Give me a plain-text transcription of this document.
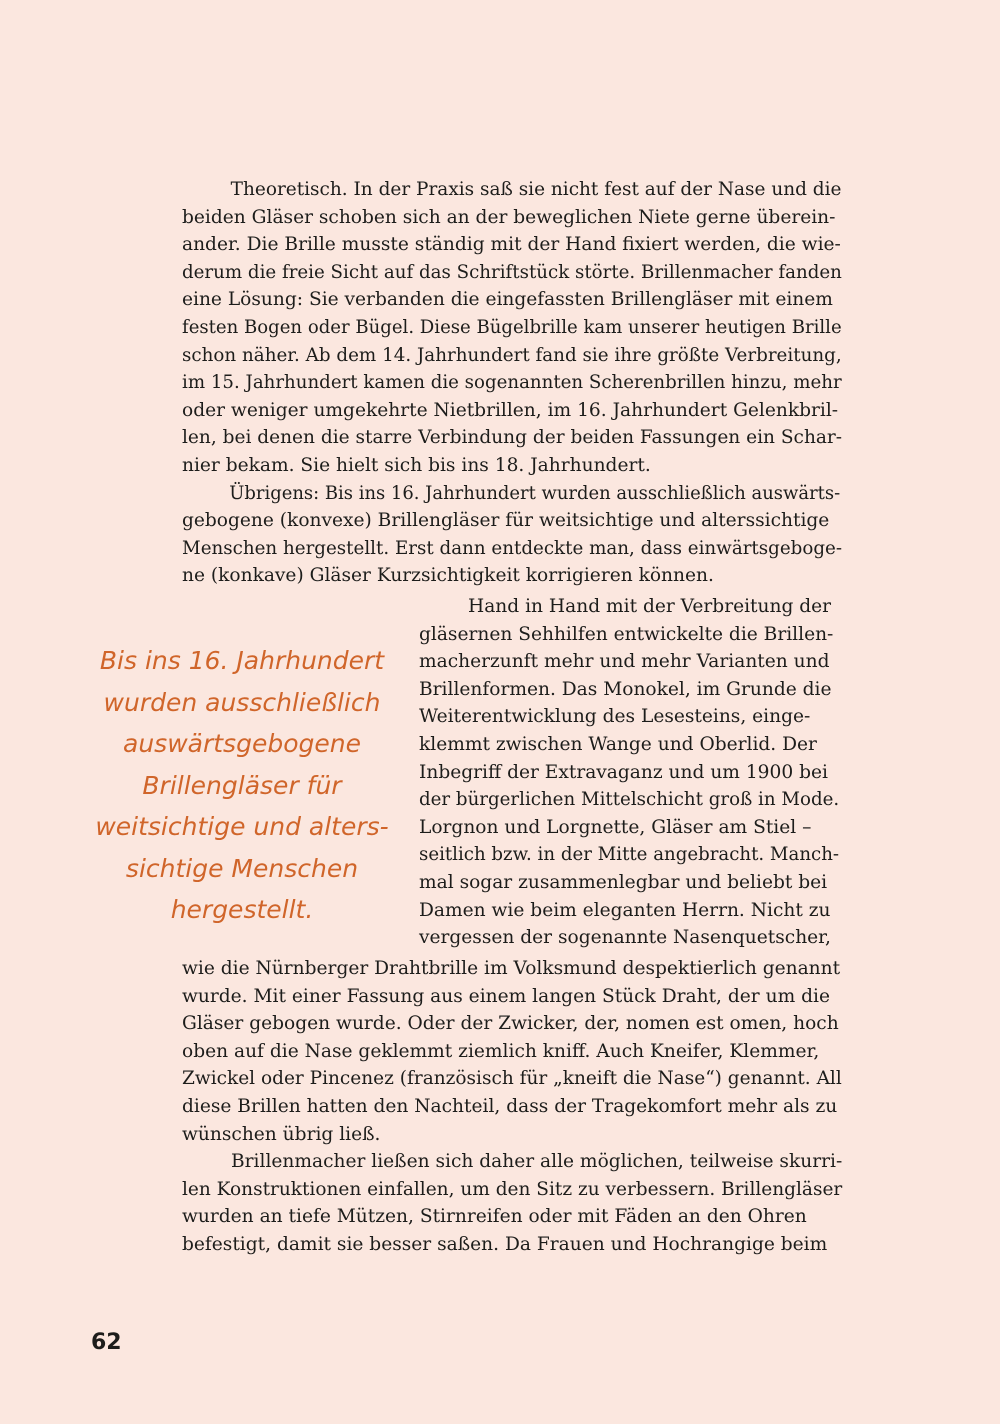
Theoretisch. In der Praxis saß sie nicht fest auf der Nase und die
beiden Gläser schoben sich an der beweglichen Niete gerne überein-
ander. Die Brille musste ständig mit der Hand fixiert werden, die wie-
derum die freie Sicht auf das Schriftstück störte. Brillenmacher fanden
eine Lösung: Sie verbanden die eingefassten Brillengläser mit einem
festen Bogen oder Bügel. Diese Bügelbrille kam unserer heutigen Brille
schon näher. Ab dem 14. Jahrhundert fand sie ihre größte Verbreitung,
im 15. Jahrhundert kamen die sogenannten Scherenbrillen hinzu, mehr
oder weniger umgekehrte Nietbrillen, im 16. Jahrhundert Gelenkbril-
len, bei denen die starre Verbindung der beiden Fassungen ein Schar-
nier bekam. Sie hielt sich bis ins 18. Jahrhundert.
Übrigens: Bis ins 16. Jahrhundert wurden ausschließlich auswärts-
gebogene (konvexe) Brillengläser für weitsichtige und alterssichtige
Menschen hergestellt. Erst dann entdeckte man, dass einwärtsgeboge-
ne (konkave) Gläser Kurzsichtigkeit korrigieren können.
Bis ins 16. Jahrhundert
wurden ausschließlich
auswärtsgebogene
Brillengläser für
weitsichtige und alters-
sichtige Menschen
hergestellt.
Hand in Hand mit der Verbreitung der
gläsernen Sehhilfen entwickelte die Brillen-
macherzunft mehr und mehr Varianten und
Brillenformen. Das Monokel, im Grunde die
Weiterentwicklung des Lesesteins, einge-
klemmt zwischen Wange und Oberlid. Der
Inbegriff der Extravaganz und um 1900 bei
der bürgerlichen Mittelschicht groß in Mode.
Lorgnon und Lorgnette, Gläser am Stiel –
seitlich bzw. in der Mitte angebracht. Manch-
mal sogar zusammenlegbar und beliebt bei
Damen wie beim eleganten Herrn. Nicht zu
vergessen der sogenannte Nasenquetscher,
wie die Nürnberger Drahtbrille im Volksmund despektierlich genannt
wurde. Mit einer Fassung aus einem langen Stück Draht, der um die
Gläser gebogen wurde. Oder der Zwicker, der, nomen est omen, hoch
oben auf die Nase geklemmt ziemlich kniff. Auch Kneifer, Klemmer,
Zwickel oder Pincenez (französisch für „kneift die Nase“) genannt. All
diese Brillen hatten den Nachteil, dass der Tragekomfort mehr als zu
wünschen übrig ließ.
Brillenmacher ließen sich daher alle möglichen, teilweise skurri-
len Konstruktionen einfallen, um den Sitz zu verbessern. Brillengläser
wurden an tiefe Mützen, Stirnreifen oder mit Fäden an den Ohren
befestigt, damit sie besser saßen. Da Frauen und Hochrangige beim
62
